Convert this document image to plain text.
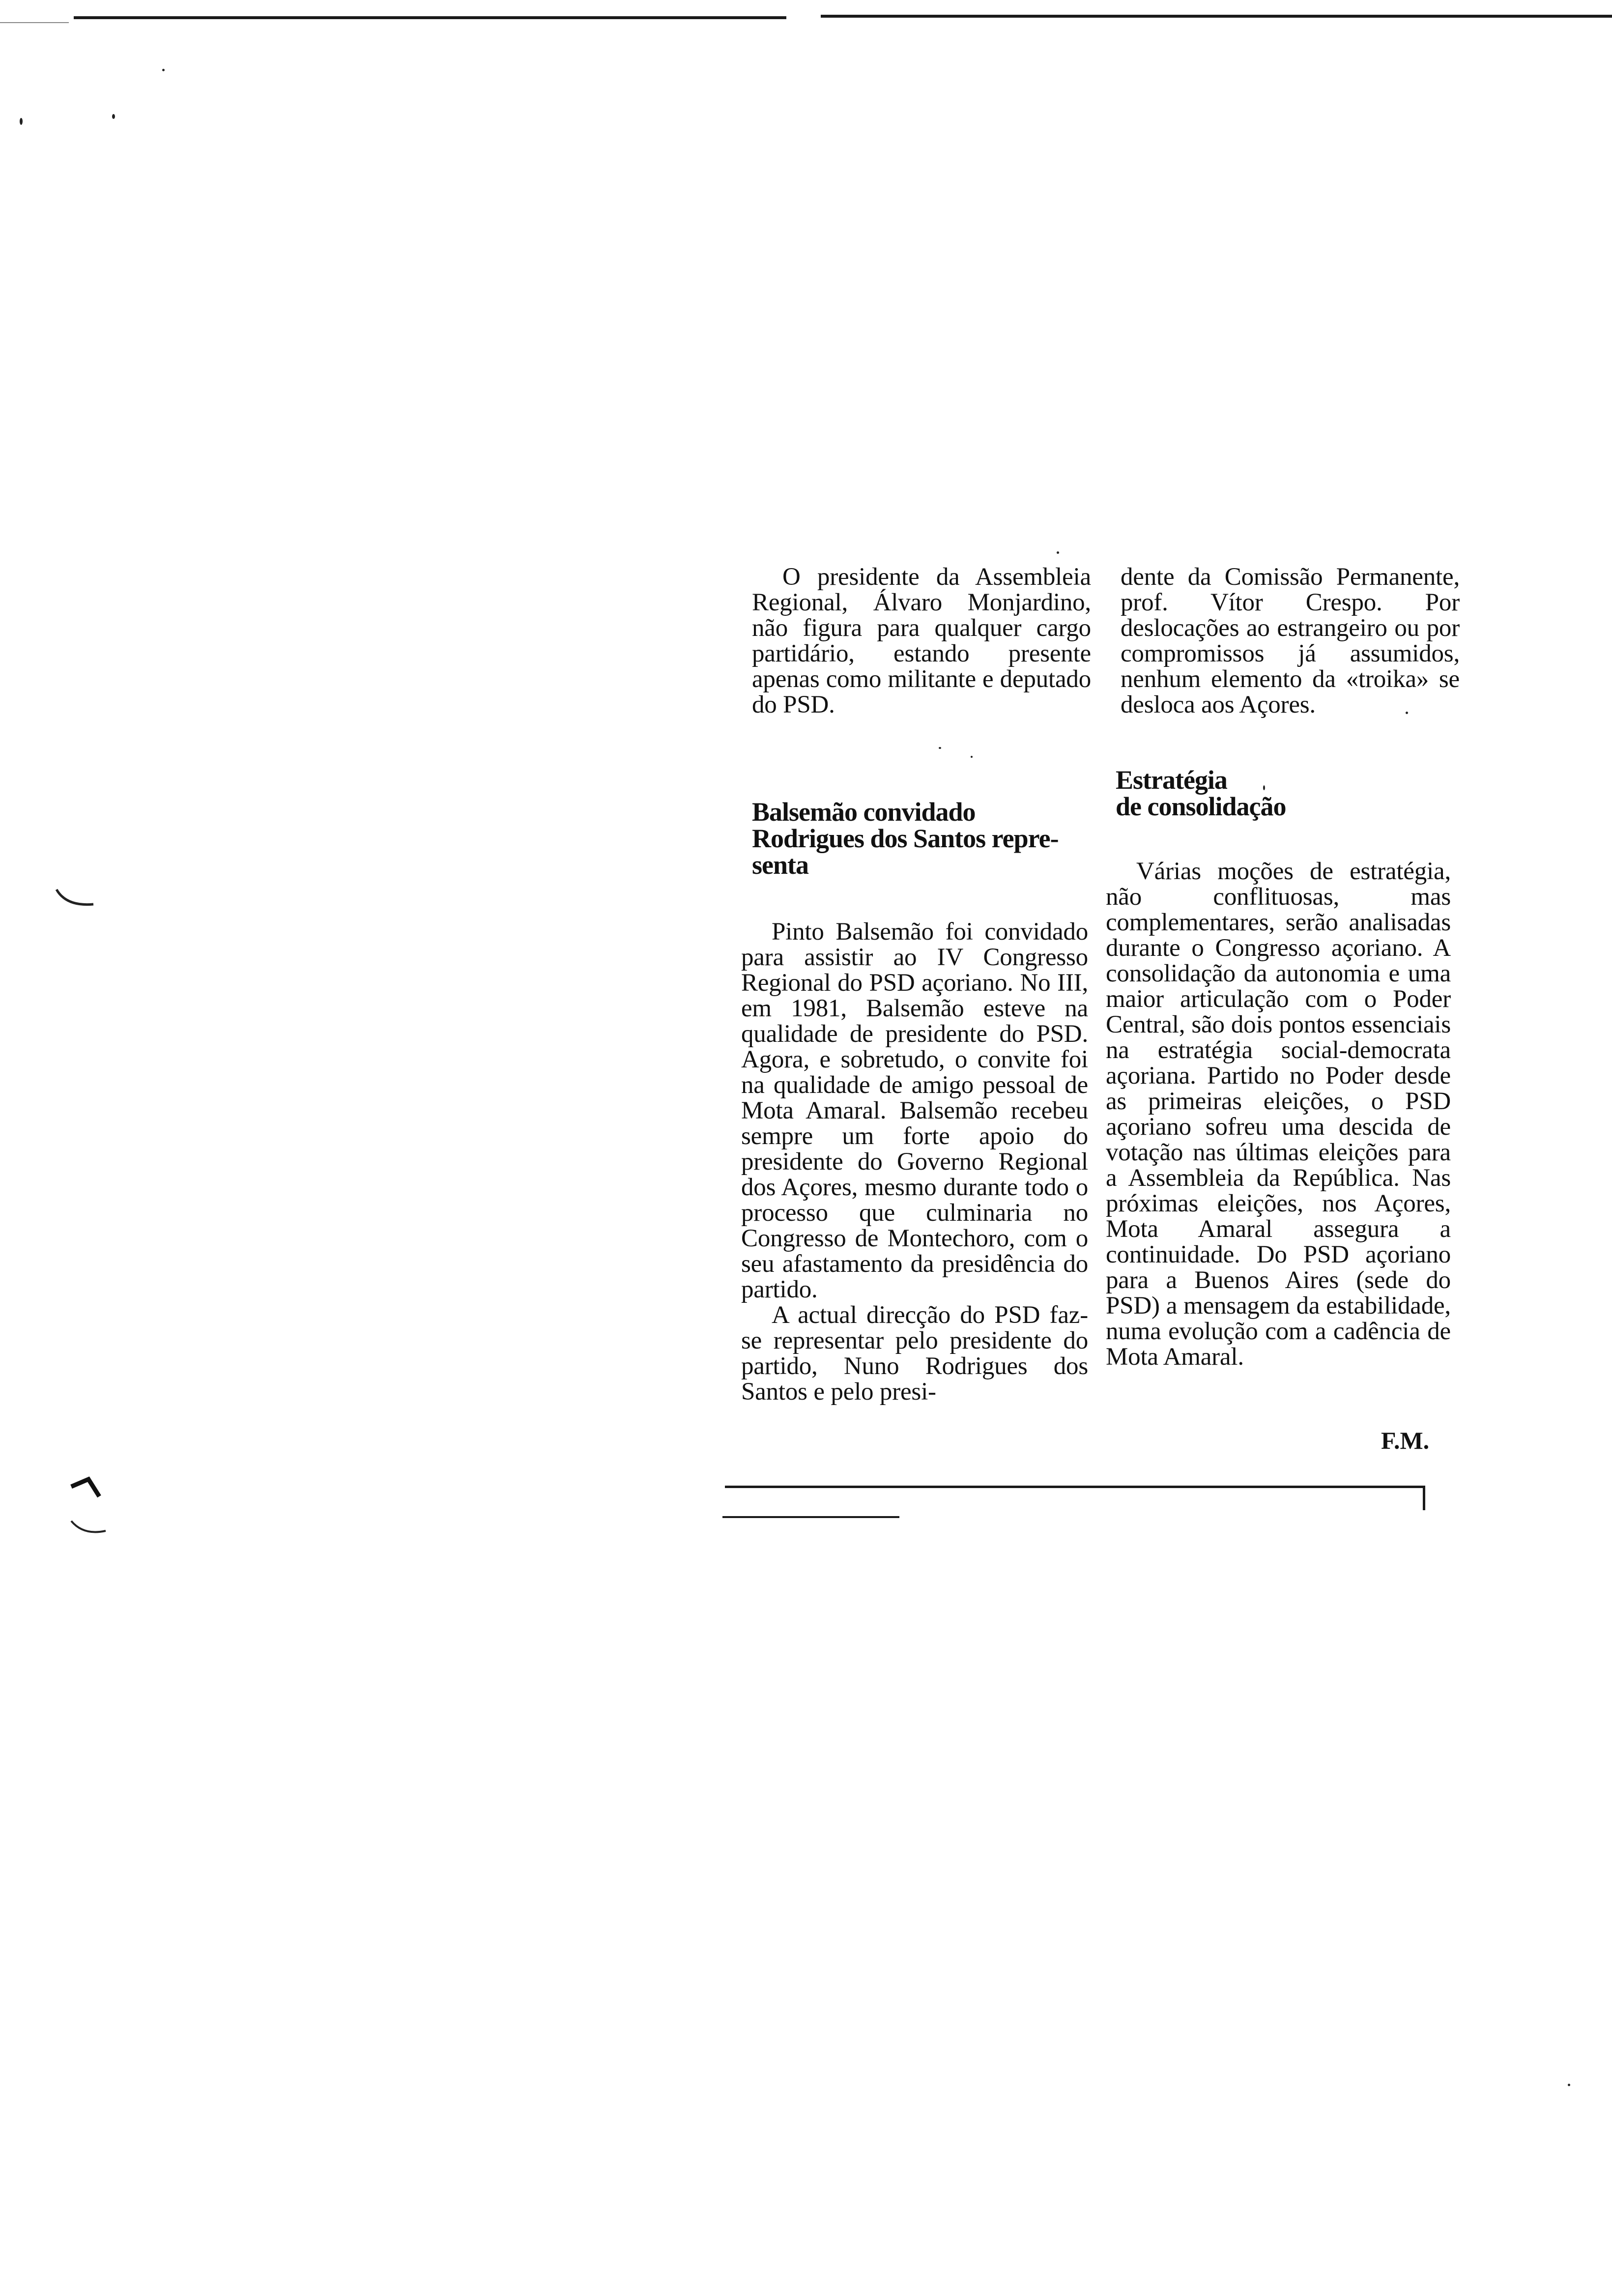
O presidente da Assembleia Regional, Álvaro Monjardino, não figura para qualquer cargo partidário, estando presente apenas como militante e deputado do PSD.

dente da Comissão Permanente, prof. Vítor Crespo. Por deslocações ao estrangeiro ou por compromissos já assumidos, nenhum elemento da «troika» se desloca aos Açores.

Balsemão convidado
Rodrigues dos Santos repre-
senta

Pinto Balsemão foi convidado para assistir ao IV Congresso Regional do PSD açoriano. No III, em 1981, Balsemão esteve na qualidade de presidente do PSD. Agora, e sobretudo, o convite foi na qualidade de amigo pessoal de Mota Amaral. Balsemão recebeu sempre um forte apoio do presidente do Governo Regional dos Açores, mesmo durante todo o processo que culminaria no Congresso de Montechoro, com o seu afastamento da presidência do partido.

A actual direcção do PSD faz-se representar pelo presidente do partido, Nuno Rodrigues dos Santos e pelo presi-

Estratégia
de consolidação

Várias moções de estratégia, não conflituosas, mas complementares, serão analisadas durante o Congresso açoriano. A consolidação da autonomia e uma maior articulação com o Poder Central, são dois pontos essenciais na estratégia social-democrata açoriana. Partido no Poder desde as primeiras eleições, o PSD açoriano sofreu uma descida de votação nas últimas eleições para a Assembleia da República. Nas próximas eleições, nos Açores, Mota Amaral assegura a continuidade. Do PSD açoriano para a Buenos Aires (sede do PSD) a mensagem da estabilidade, numa evolução com a cadência de Mota Amaral.

F.M.
